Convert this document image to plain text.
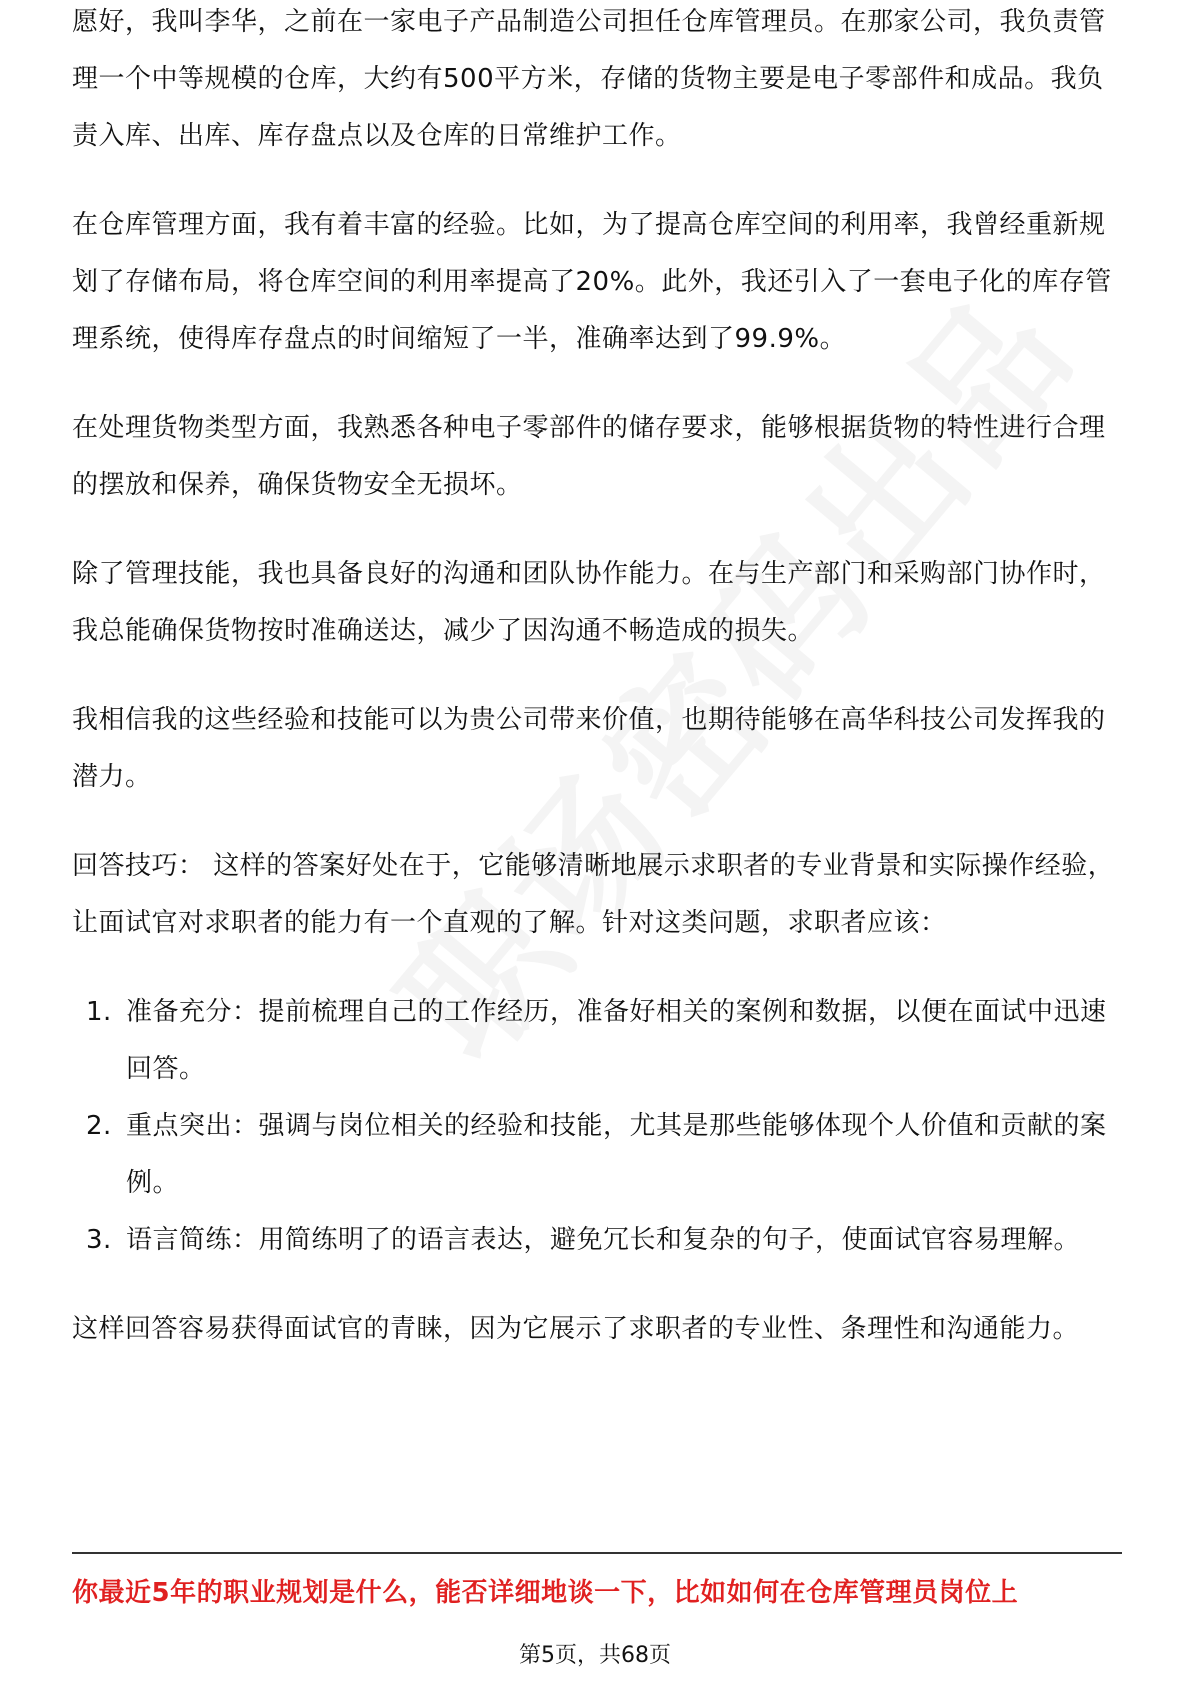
愿好，我叫李华，之前在一家电子产品制造公司担任仓库管理员。在那家公司，我负责管理一个中等规模的仓库，大约有500平方米，存储的货物主要是电子零部件和成品。我负责入库、出库、库存盘点以及仓库的日常维护工作。

在仓库管理方面，我有着丰富的经验。比如，为了提高仓库空间的利用率，我曾经重新规划了存储布局，将仓库空间的利用率提高了20%。此外，我还引入了一套电子化的库存管理系统，使得库存盘点的时间缩短了一半，准确率达到了99.9%。

在处理货物类型方面，我熟悉各种电子零部件的储存要求，能够根据货物的特性进行合理的摆放和保养，确保货物安全无损坏。

除了管理技能，我也具备良好的沟通和团队协作能力。在与生产部门和采购部门协作时，我总能确保货物按时准确送达，减少了因沟通不畅造成的损失。

我相信我的这些经验和技能可以为贵公司带来价值，也期待能够在高华科技公司发挥我的潜力。

回答技巧： 这样的答案好处在于，它能够清晰地展示求职者的专业背景和实际操作经验，让面试官对求职者的能力有一个直观的了解。针对这类问题，求职者应该：

1. 准备充分：提前梳理自己的工作经历，准备好相关的案例和数据，以便在面试中迅速回答。
2. 重点突出：强调与岗位相关的经验和技能，尤其是那些能够体现个人价值和贡献的案例。
3. 语言简练：用简练明了的语言表达，避免冗长和复杂的句子，使面试官容易理解。

这样回答容易获得面试官的青睐，因为它展示了求职者的专业性、条理性和沟通能力。

你最近5年的职业规划是什么，能否详细地谈一下，比如如何在仓库管理员岗位上
第5页，共68页
